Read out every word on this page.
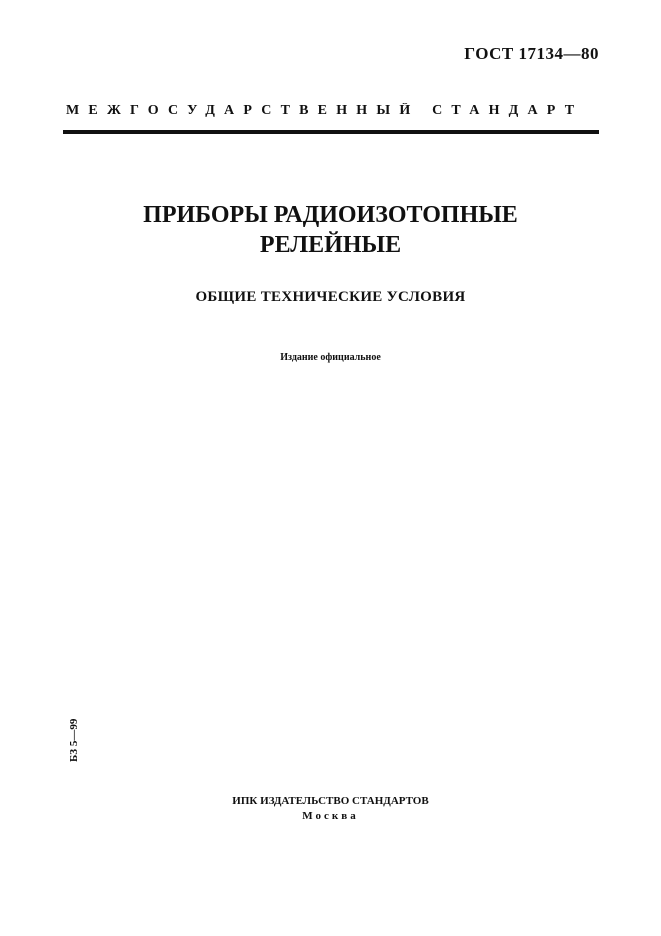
ГОСТ 17134—80
МЕЖГОСУДАРСТВЕННЫЙ СТАНДАРТ
ПРИБОРЫ РАДИОИЗОТОПНЫЕ
РЕЛЕЙНЫЕ
ОБЩИЕ ТЕХНИЧЕСКИЕ УСЛОВИЯ
Издание официальное
БЗ 5—99
ИПК ИЗДАТЕЛЬСТВО СТАНДАРТОВ
Москва
